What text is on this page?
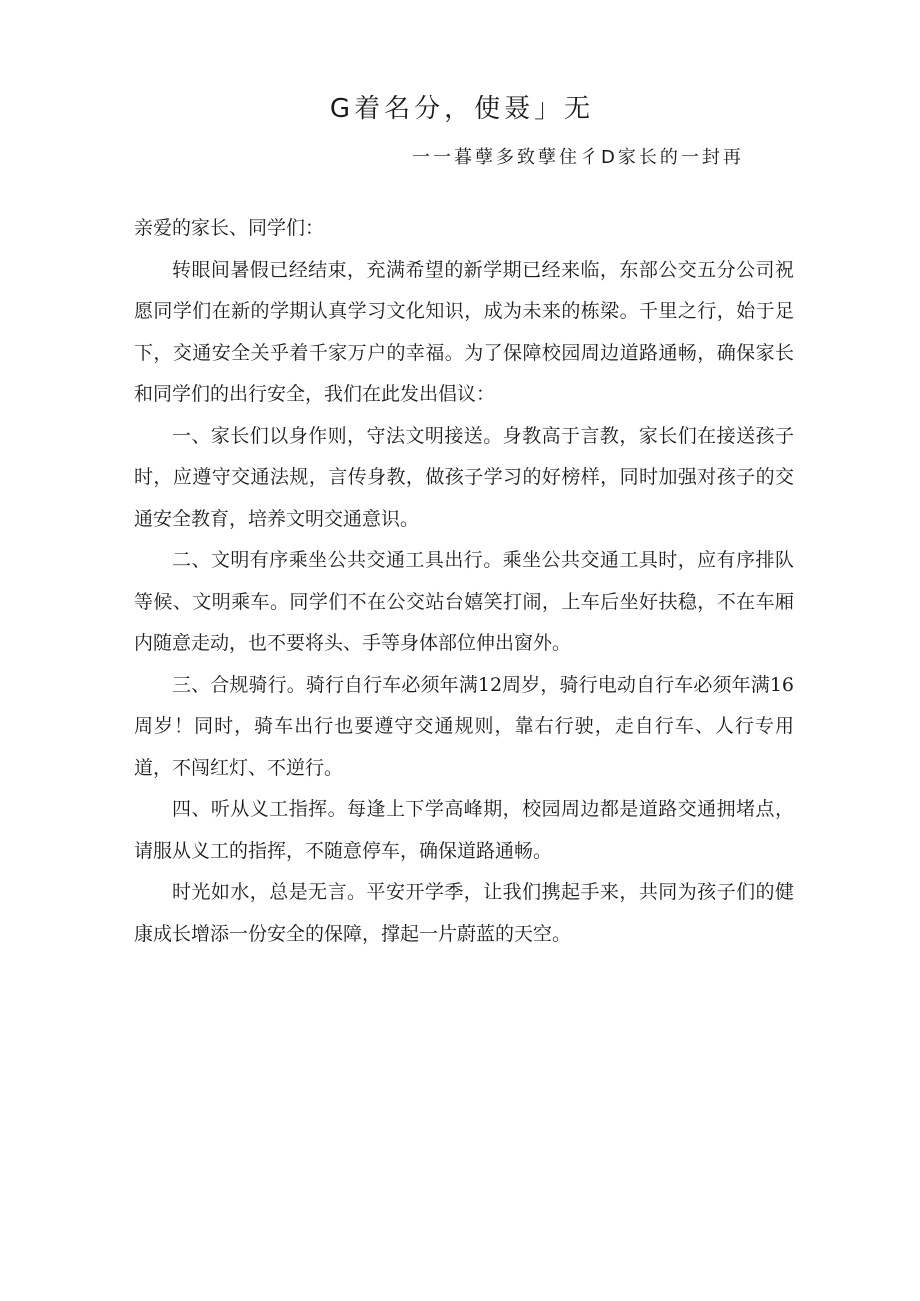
G着名分，使聂」无
一一暮孽多致孽住彳D家长的一封再

亲爱的家长、同学们：

转眼间暑假已经结束，充满希望的新学期已经来临，东部公交五分公司祝愿同学们在新的学期认真学习文化知识，成为未来的栋梁。千里之行，始于足下，交通安全关乎着千家万户的幸福。为了保障校园周边道路通畅，确保家长和同学们的出行安全，我们在此发出倡议：

一、家长们以身作则，守法文明接送。身教高于言教，家长们在接送孩子时，应遵守交通法规，言传身教，做孩子学习的好榜样，同时加强对孩子的交通安全教育，培养文明交通意识。

二、文明有序乘坐公共交通工具出行。乘坐公共交通工具时，应有序排队等候、文明乘车。同学们不在公交站台嬉笑打闹，上车后坐好扶稳，不在车厢内随意走动，也不要将头、手等身体部位伸出窗外。

三、合规骑行。骑行自行车必须年满12周岁，骑行电动自行车必须年满16周岁！同时，骑车出行也要遵守交通规则，靠右行驶，走自行车、人行专用道，不闯红灯、不逆行。

四、听从义工指挥。每逢上下学高峰期，校园周边都是道路交通拥堵点，请服从义工的指挥，不随意停车，确保道路通畅。

时光如水，总是无言。平安开学季，让我们携起手来，共同为孩子们的健康成长增添一份安全的保障，撑起一片蔚蓝的天空。
